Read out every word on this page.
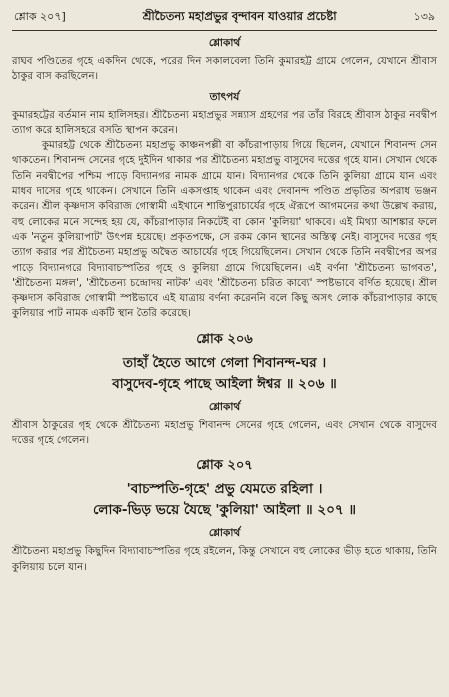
শ্লোক ২০৭]	শ্রীচৈতন্য মহাপ্রভুর বৃন্দাবন যাওয়ার প্রচেষ্টা	১৩৯
শ্লোকার্থ

রাঘব পণ্ডিতের গৃহে একদিন থেকে, পরের দিন সকালবেলা তিনি কুমারহট্ট গ্রামে গেলেন, যেখানে শ্রীবাস ঠাকুর বাস করছিলেন।

তাৎপর্য

কুমারহট্টের বর্তমান নাম হালিসহর। শ্রীচৈতন্য মহাপ্রভুর সন্ন্যাস গ্রহণের পর তাঁর বিরহে শ্রীবাস ঠাকুর নবদ্বীপ ত্যাগ করে হালিসহরে বসতি স্থাপন করেন।

কুমারহট্ট থেকে শ্রীচৈতন্য মহাপ্রভু কাঞ্চনপল্লী বা কাঁচরাপাড়ায় গিয়ে ছিলেন, যেখানে শিবানন্দ সেন থাকতেন। শিবানন্দ সেনের গৃহে দুইদিন থাকার পর শ্রীচৈতন্য মহাপ্রভু বাসুদেব দত্তের গৃহে যান। সেখান থেকে তিনি নবদ্বীপের পশ্চিম পাড়ে বিদ্যানগর নামক গ্রামে যান। বিদ্যানগর থেকে তিনি কুলিয়া গ্রামে যান এবং মাধব দাসের গৃহে থাকেন। সেখানে তিনি একসপ্তাহ থাকেন এবং দেবানন্দ পণ্ডিত প্রভৃতির অপরাধ ভঞ্জন করেন। শ্রীল কৃষ্ণদাস কবিরাজ গোস্বামী এইখানে শান্তিপুরাচার্যের গৃহে ঐরূপে আগমনের কথা উল্লেখ করায়, বহু লোকের মনে সন্দেহ হয় যে, কাঁচরাপাড়ার নিকটেই বা কোন 'কুলিয়া' থাকবে। এই মিথ্যা আশঙ্কার ফলে এক 'নতুন কুলিয়াপাট' উৎপন্ন হয়েছে। প্রকৃতপক্ষে, সে রকম কোন স্থানের অস্তিত্ব নেই। বাসুদেব দত্তের গৃহ ত্যাগ করার পর শ্রীচৈতন্য মহাপ্রভু অদ্বৈত আচার্যের গৃহে গিয়েছিলেন। সেখান থেকে তিনি নবদ্বীপের অপর পাড়ে বিদ্যানগরে বিদ্যাবাচস্পতির গৃহে ও কুলিয়া গ্রামে গিয়েছিলেন। এই বর্ণনা 'শ্রীচৈতন্য ভাগবত', 'শ্রীচৈতন্য মঙ্গল', 'শ্রীচৈতন্য চন্দ্রোদয় নাটক' এবং 'শ্রীচৈতন্য চরিত কাব্যে' স্পষ্টভাবে বর্ণিত হয়েছে। শ্রীল কৃষ্ণদাস কবিরাজ গোস্বামী স্পষ্টভাবে এই যাত্রায় বর্ণনা করেননি বলে কিছু অসৎ লোক কাঁচরাপাড়ার কাছে কুলিয়ার পাট নামক একটি স্থান তৈরি করেছে।

শ্লোক ২০৬

তাহাঁ হৈতে আগে গেলা শিবানন্দ-ঘর ।

বাসুদেব-গৃহে পাছে আইলা ঈশ্বর ॥ ২০৬ ॥

শ্লোকার্থ

শ্রীবাস ঠাকুরের গৃহ থেকে শ্রীচৈতন্য মহাপ্রভু শিবানন্দ সেনের গৃহে গেলেন, এবং সেখান থেকে বাসুদেব দত্তের গৃহে গেলেন।

শ্লোক ২০৭

'বাচস্পতি-গৃহে' প্রভু যেমতে রহিলা ।

লোক-ভিড় ভয়ে যৈছে 'কুলিয়া' আইলা ॥ ২০৭ ॥

শ্লোকার্থ

শ্রীচৈতন্য মহাপ্রভু কিছুদিন বিদ্যাবাচস্পতির গৃহে রইলেন, কিন্তু সেখানে বহু লোকের ভীড় হতে থাকায়, তিনি কুলিয়ায় চলে যান।
